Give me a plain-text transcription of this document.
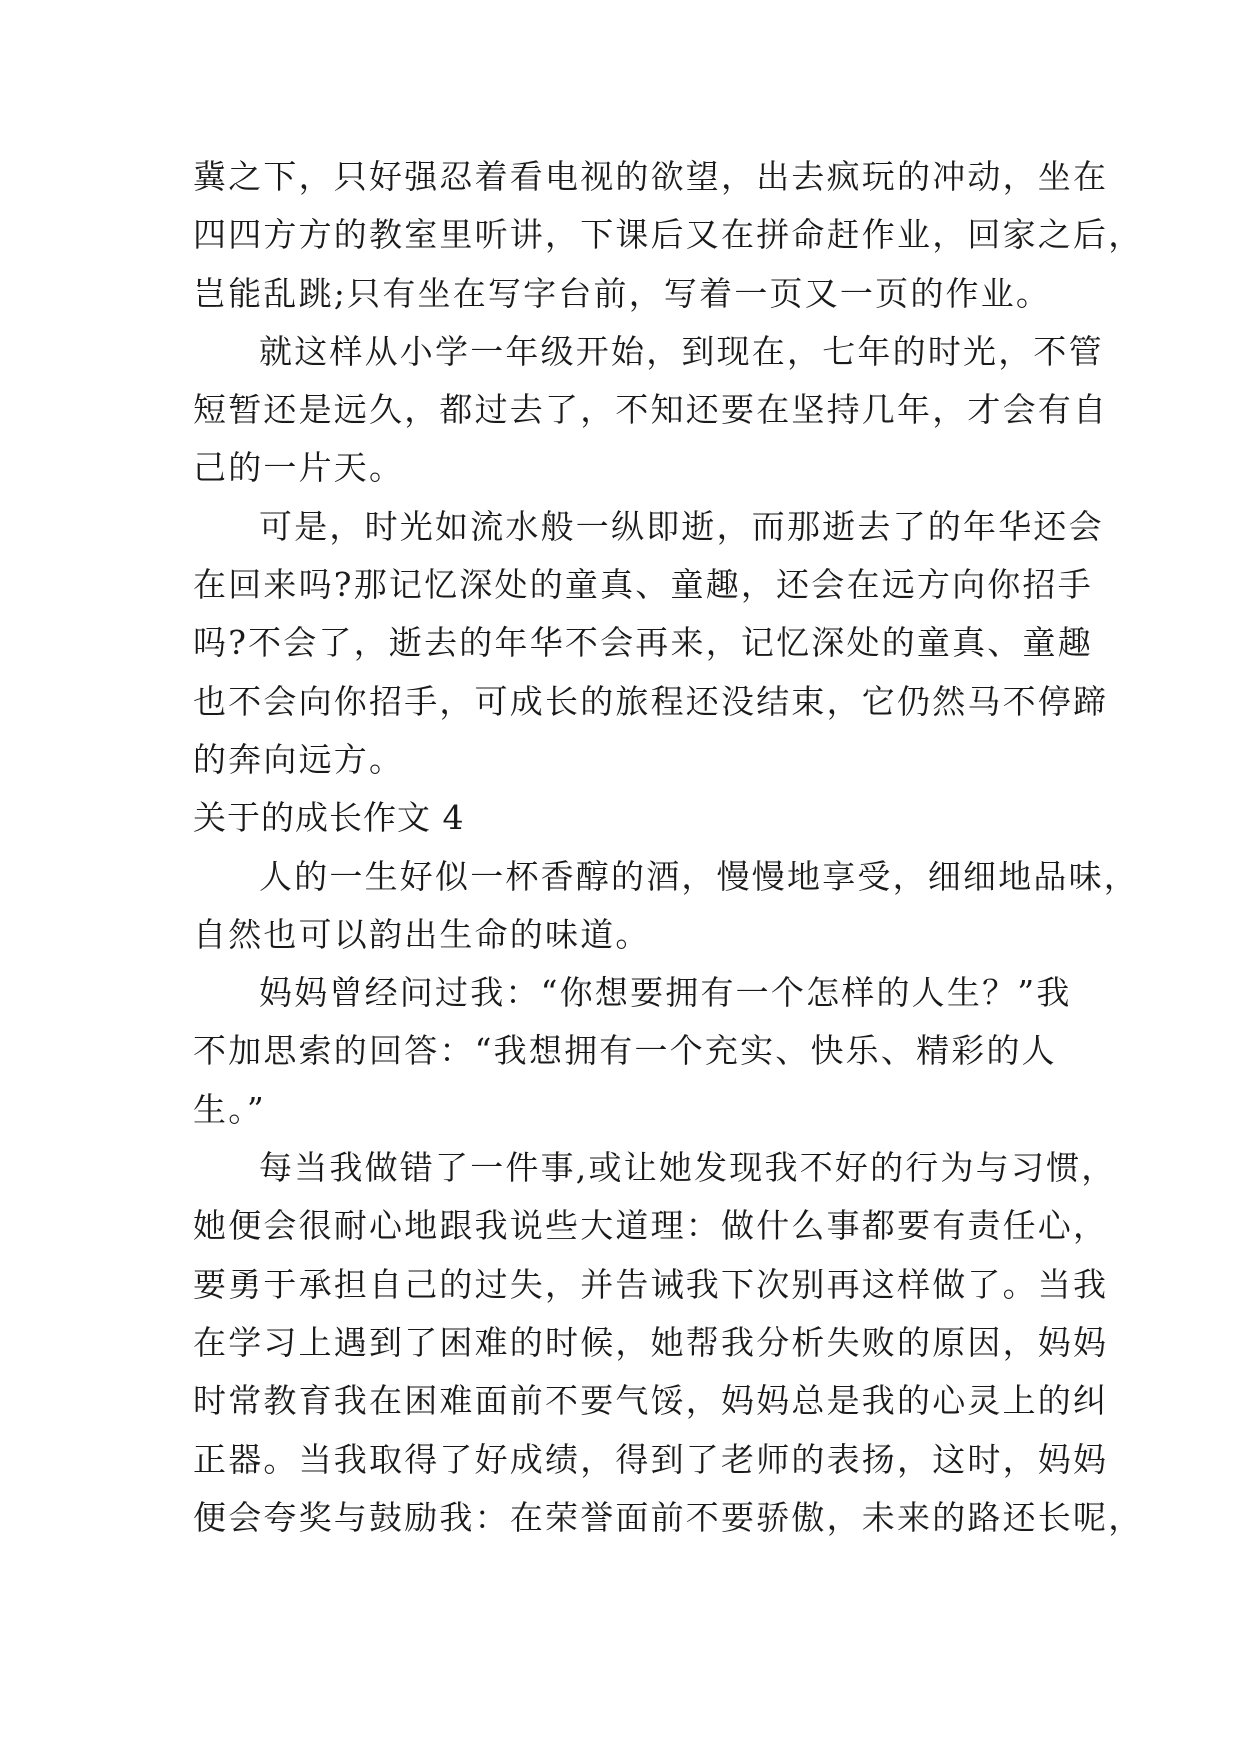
冀之下，只好强忍着看电视的欲望，出去疯玩的冲动，坐在
四四方方的教室里听讲，下课后又在拼命赶作业，回家之后，
岂能乱跳;只有坐在写字台前，写着一页又一页的作业。
就这样从小学一年级开始，到现在，七年的时光，不管
短暂还是远久，都过去了，不知还要在坚持几年，才会有自
己的一片天。
可是，时光如流水般一纵即逝，而那逝去了的年华还会
在回来吗?那记忆深处的童真、童趣，还会在远方向你招手
吗?不会了，逝去的年华不会再来，记忆深处的童真、童趣
也不会向你招手，可成长的旅程还没结束，它仍然马不停蹄
的奔向远方。
关于的成长作文 4
人的一生好似一杯香醇的酒，慢慢地享受，细细地品味，
自然也可以韵出生命的味道。
妈妈曾经问过我：“你想要拥有一个怎样的人生？”我
不加思索的回答：“我想拥有一个充实、快乐、精彩的人
生。”
每当我做错了一件事,或让她发现我不好的行为与习惯，
她便会很耐心地跟我说些大道理：做什么事都要有责任心，
要勇于承担自己的过失，并告诫我下次别再这样做了。当我
在学习上遇到了困难的时候，她帮我分析失败的原因，妈妈
时常教育我在困难面前不要气馁，妈妈总是我的心灵上的纠
正器。当我取得了好成绩，得到了老师的表扬，这时，妈妈
便会夸奖与鼓励我：在荣誉面前不要骄傲，未来的路还长呢，
